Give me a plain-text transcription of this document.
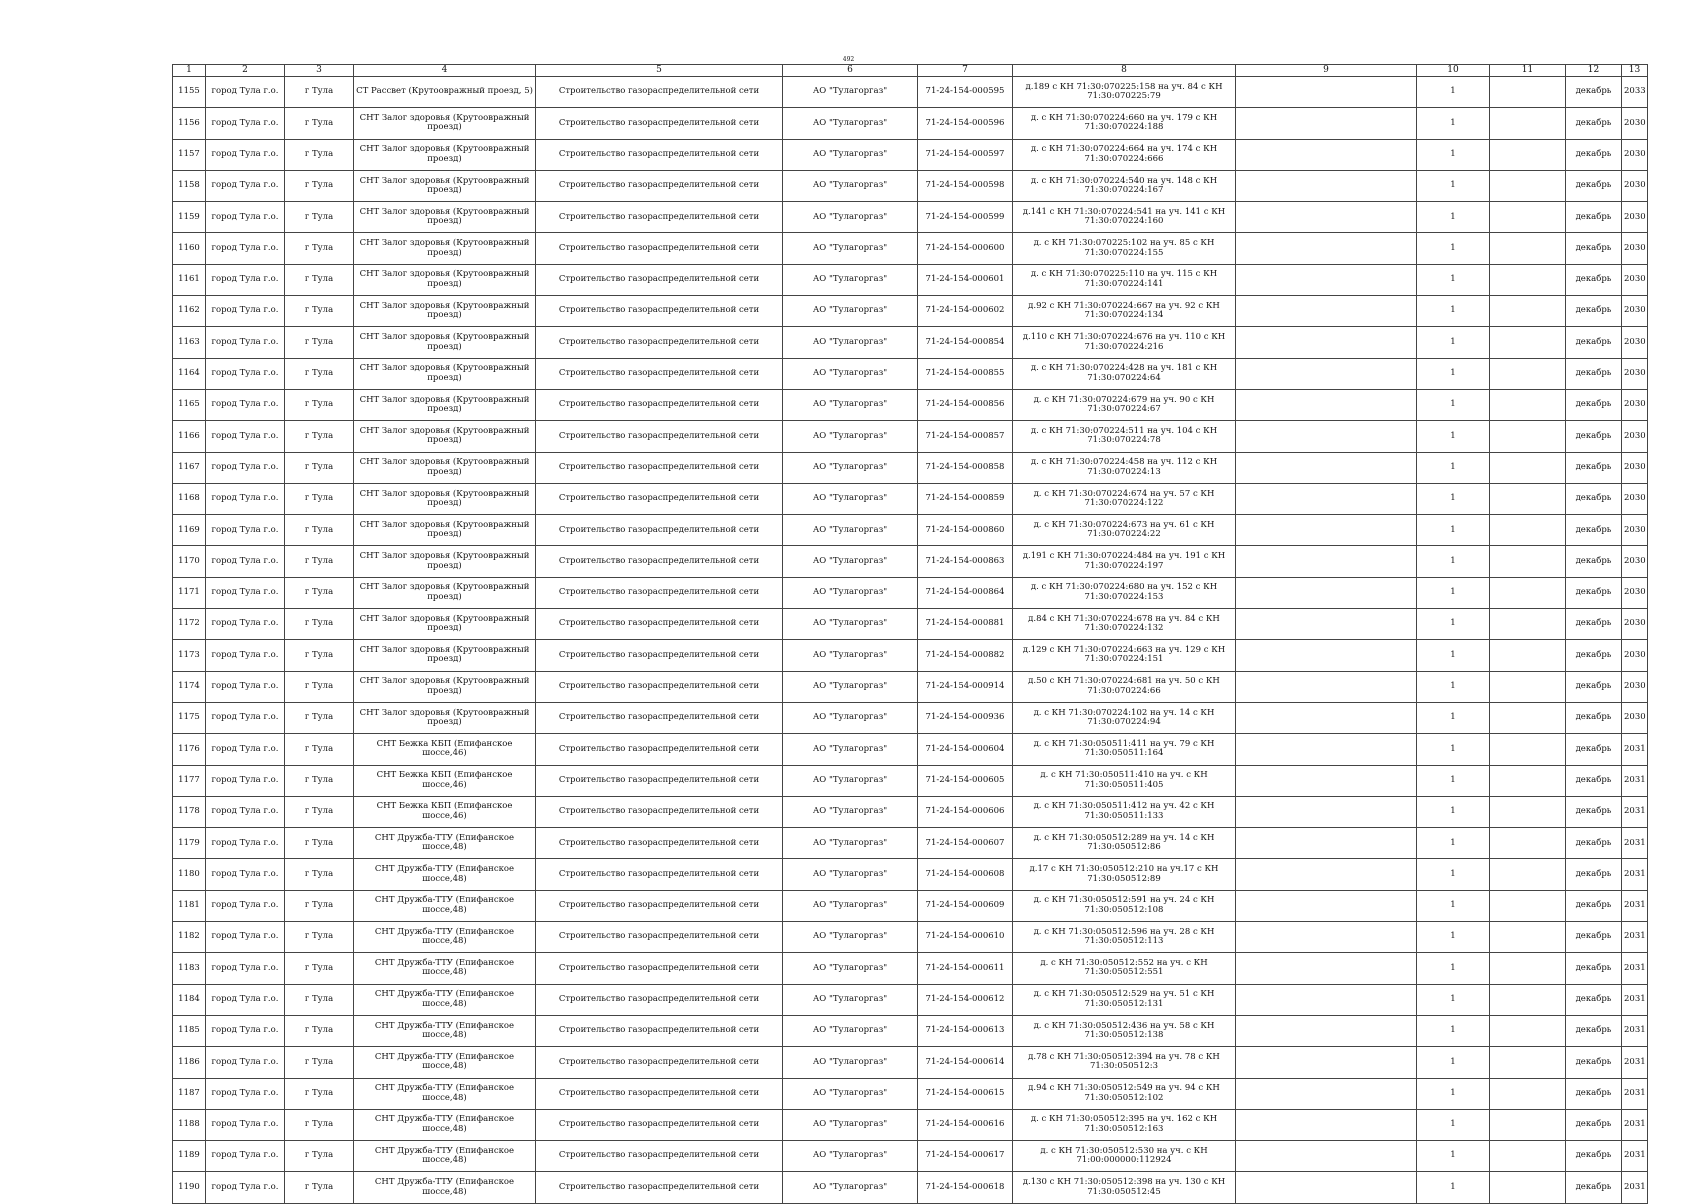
492
1	2	3	4	5	6	7	8	9	10	11	12	13
1155	город Тула г.о.	г Тула	СТ Рассвет (Крутоовражный проезд, 5)	Строительство газораспределительной сети	АО "Тулагоргаз"	71-24-154-000595	д.189 с КН 71:30:070225:158 на уч. 84 с КН 71:30:070225:79		1		декабрь	2033
1156	город Тула г.о.	г Тула	СНТ Залог здоровья (Крутоовражный проезд)	Строительство газораспределительной сети	АО "Тулагоргаз"	71-24-154-000596	д. с КН 71:30:070224:660 на уч. 179 с КН 71:30:070224:188		1		декабрь	2030
1157	город Тула г.о.	г Тула	СНТ Залог здоровья (Крутоовражный проезд)	Строительство газораспределительной сети	АО "Тулагоргаз"	71-24-154-000597	д. с КН 71:30:070224:664 на уч. 174 с КН 71:30:070224:666		1		декабрь	2030
1158	город Тула г.о.	г Тула	СНТ Залог здоровья (Крутоовражный проезд)	Строительство газораспределительной сети	АО "Тулагоргаз"	71-24-154-000598	д. с КН 71:30:070224:540 на уч. 148 с КН 71:30:070224:167		1		декабрь	2030
1159	город Тула г.о.	г Тула	СНТ Залог здоровья (Крутоовражный проезд)	Строительство газораспределительной сети	АО "Тулагоргаз"	71-24-154-000599	д.141 с КН 71:30:070224:541 на уч. 141 с КН 71:30:070224:160		1		декабрь	2030
1160	город Тула г.о.	г Тула	СНТ Залог здоровья (Крутоовражный проезд)	Строительство газораспределительной сети	АО "Тулагоргаз"	71-24-154-000600	д. с КН 71:30:070225:102 на уч. 85 с КН 71:30:070224:155		1		декабрь	2030
1161	город Тула г.о.	г Тула	СНТ Залог здоровья (Крутоовражный проезд)	Строительство газораспределительной сети	АО "Тулагоргаз"	71-24-154-000601	д. с КН 71:30:070225:110 на уч. 115 с КН 71:30:070224:141		1		декабрь	2030
1162	город Тула г.о.	г Тула	СНТ Залог здоровья (Крутоовражный проезд)	Строительство газораспределительной сети	АО "Тулагоргаз"	71-24-154-000602	д.92 с КН 71:30:070224:667 на уч. 92 с КН 71:30:070224:134		1		декабрь	2030
1163	город Тула г.о.	г Тула	СНТ Залог здоровья (Крутоовражный проезд)	Строительство газораспределительной сети	АО "Тулагоргаз"	71-24-154-000854	д.110 с КН 71:30:070224:676 на уч. 110 с КН 71:30:070224:216		1		декабрь	2030
1164	город Тула г.о.	г Тула	СНТ Залог здоровья (Крутоовражный проезд)	Строительство газораспределительной сети	АО "Тулагоргаз"	71-24-154-000855	д. с КН 71:30:070224:428 на уч. 181 с КН 71:30:070224:64		1		декабрь	2030
1165	город Тула г.о.	г Тула	СНТ Залог здоровья (Крутоовражный проезд)	Строительство газораспределительной сети	АО "Тулагоргаз"	71-24-154-000856	д. с КН 71:30:070224:679 на уч. 90 с КН 71:30:070224:67		1		декабрь	2030
1166	город Тула г.о.	г Тула	СНТ Залог здоровья (Крутоовражный проезд)	Строительство газораспределительной сети	АО "Тулагоргаз"	71-24-154-000857	д. с КН 71:30:070224:511 на уч. 104 с КН 71:30:070224:78		1		декабрь	2030
1167	город Тула г.о.	г Тула	СНТ Залог здоровья (Крутоовражный проезд)	Строительство газораспределительной сети	АО "Тулагоргаз"	71-24-154-000858	д. с КН 71:30:070224:458 на уч. 112 с КН 71:30:070224:13		1		декабрь	2030
1168	город Тула г.о.	г Тула	СНТ Залог здоровья (Крутоовражный проезд)	Строительство газораспределительной сети	АО "Тулагоргаз"	71-24-154-000859	д. с КН 71:30:070224:674 на уч. 57 с КН 71:30:070224:122		1		декабрь	2030
1169	город Тула г.о.	г Тула	СНТ Залог здоровья (Крутоовражный проезд)	Строительство газораспределительной сети	АО "Тулагоргаз"	71-24-154-000860	д. с КН 71:30:070224:673 на уч. 61 с КН 71:30:070224:22		1		декабрь	2030
1170	город Тула г.о.	г Тула	СНТ Залог здоровья (Крутоовражный проезд)	Строительство газораспределительной сети	АО "Тулагоргаз"	71-24-154-000863	д.191 с КН 71:30:070224:484 на уч. 191 с КН 71:30:070224:197		1		декабрь	2030
1171	город Тула г.о.	г Тула	СНТ Залог здоровья (Крутоовражный проезд)	Строительство газораспределительной сети	АО "Тулагоргаз"	71-24-154-000864	д. с КН 71:30:070224:680 на уч. 152 с КН 71:30:070224:153		1		декабрь	2030
1172	город Тула г.о.	г Тула	СНТ Залог здоровья (Крутоовражный проезд)	Строительство газораспределительной сети	АО "Тулагоргаз"	71-24-154-000881	д.84 с КН 71:30:070224:678 на уч. 84 с КН 71:30:070224:132		1		декабрь	2030
1173	город Тула г.о.	г Тула	СНТ Залог здоровья (Крутоовражный проезд)	Строительство газораспределительной сети	АО "Тулагоргаз"	71-24-154-000882	д.129 с КН 71:30:070224:663 на уч. 129 с КН 71:30:070224:151		1		декабрь	2030
1174	город Тула г.о.	г Тула	СНТ Залог здоровья (Крутоовражный проезд)	Строительство газораспределительной сети	АО "Тулагоргаз"	71-24-154-000914	д.50 с КН 71:30:070224:681 на уч. 50 с КН 71:30:070224:66		1		декабрь	2030
1175	город Тула г.о.	г Тула	СНТ Залог здоровья (Крутоовражный проезд)	Строительство газораспределительной сети	АО "Тулагоргаз"	71-24-154-000936	д. с КН 71:30:070224:102 на уч. 14 с КН 71:30:070224:94		1		декабрь	2030
1176	город Тула г.о.	г Тула	СНТ Бежка КБП (Епифанское шоссе,46)	Строительство газораспределительной сети	АО "Тулагоргаз"	71-24-154-000604	д. с КН 71:30:050511:411 на уч. 79 с КН 71:30:050511:164		1		декабрь	2031
1177	город Тула г.о.	г Тула	СНТ Бежка КБП (Епифанское шоссе,46)	Строительство газораспределительной сети	АО "Тулагоргаз"	71-24-154-000605	д. с КН 71:30:050511:410 на уч. с КН 71:30:050511:405		1		декабрь	2031
1178	город Тула г.о.	г Тула	СНТ Бежка КБП (Епифанское шоссе,46)	Строительство газораспределительной сети	АО "Тулагоргаз"	71-24-154-000606	д. с КН 71:30:050511:412 на уч. 42 с КН 71:30:050511:133		1		декабрь	2031
1179	город Тула г.о.	г Тула	СНТ Дружба-ТТУ (Епифанское шоссе,48)	Строительство газораспределительной сети	АО "Тулагоргаз"	71-24-154-000607	д. с КН 71:30:050512:289 на уч. 14 с КН 71:30:050512:86		1		декабрь	2031
1180	город Тула г.о.	г Тула	СНТ Дружба-ТТУ (Епифанское шоссе,48)	Строительство газораспределительной сети	АО "Тулагоргаз"	71-24-154-000608	д.17 с КН 71:30:050512:210 на уч.17 с КН 71:30:050512:89		1		декабрь	2031
1181	город Тула г.о.	г Тула	СНТ Дружба-ТТУ (Епифанское шоссе,48)	Строительство газораспределительной сети	АО "Тулагоргаз"	71-24-154-000609	д. с КН 71:30:050512:591 на уч. 24 с КН 71:30:050512:108		1		декабрь	2031
1182	город Тула г.о.	г Тула	СНТ Дружба-ТТУ (Епифанское шоссе,48)	Строительство газораспределительной сети	АО "Тулагоргаз"	71-24-154-000610	д. с КН 71:30:050512:596 на уч. 28 с КН 71:30:050512:113		1		декабрь	2031
1183	город Тула г.о.	г Тула	СНТ Дружба-ТТУ (Епифанское шоссе,48)	Строительство газораспределительной сети	АО "Тулагоргаз"	71-24-154-000611	д. с КН 71:30:050512:552 на уч. с КН 71:30:050512:551		1		декабрь	2031
1184	город Тула г.о.	г Тула	СНТ Дружба-ТТУ (Епифанское шоссе,48)	Строительство газораспределительной сети	АО "Тулагоргаз"	71-24-154-000612	д. с КН 71:30:050512:529 на уч. 51 с КН 71:30:050512:131		1		декабрь	2031
1185	город Тула г.о.	г Тула	СНТ Дружба-ТТУ (Епифанское шоссе,48)	Строительство газораспределительной сети	АО "Тулагоргаз"	71-24-154-000613	д. с КН 71:30:050512:436 на уч. 58 с КН 71:30:050512:138		1		декабрь	2031
1186	город Тула г.о.	г Тула	СНТ Дружба-ТТУ (Епифанское шоссе,48)	Строительство газораспределительной сети	АО "Тулагоргаз"	71-24-154-000614	д.78 с КН 71:30:050512:394 на уч. 78 с КН 71:30:050512:3		1		декабрь	2031
1187	город Тула г.о.	г Тула	СНТ Дружба-ТТУ (Епифанское шоссе,48)	Строительство газораспределительной сети	АО "Тулагоргаз"	71-24-154-000615	д.94 с КН 71:30:050512:549 на уч. 94 с КН 71:30:050512:102		1		декабрь	2031
1188	город Тула г.о.	г Тула	СНТ Дружба-ТТУ (Епифанское шоссе,48)	Строительство газораспределительной сети	АО "Тулагоргаз"	71-24-154-000616	д. с КН 71:30:050512:395 на уч. 162 с КН 71:30:050512:163		1		декабрь	2031
1189	город Тула г.о.	г Тула	СНТ Дружба-ТТУ (Епифанское шоссе,48)	Строительство газораспределительной сети	АО "Тулагоргаз"	71-24-154-000617	д. с КН 71:30:050512:530 на уч. с КН 71:00:000000:112924		1		декабрь	2031
1190	город Тула г.о.	г Тула	СНТ Дружба-ТТУ (Епифанское шоссе,48)	Строительство газораспределительной сети	АО "Тулагоргаз"	71-24-154-000618	д.130 с КН 71:30:050512:398 на уч. 130 с КН 71:30:050512:45		1		декабрь	2031
